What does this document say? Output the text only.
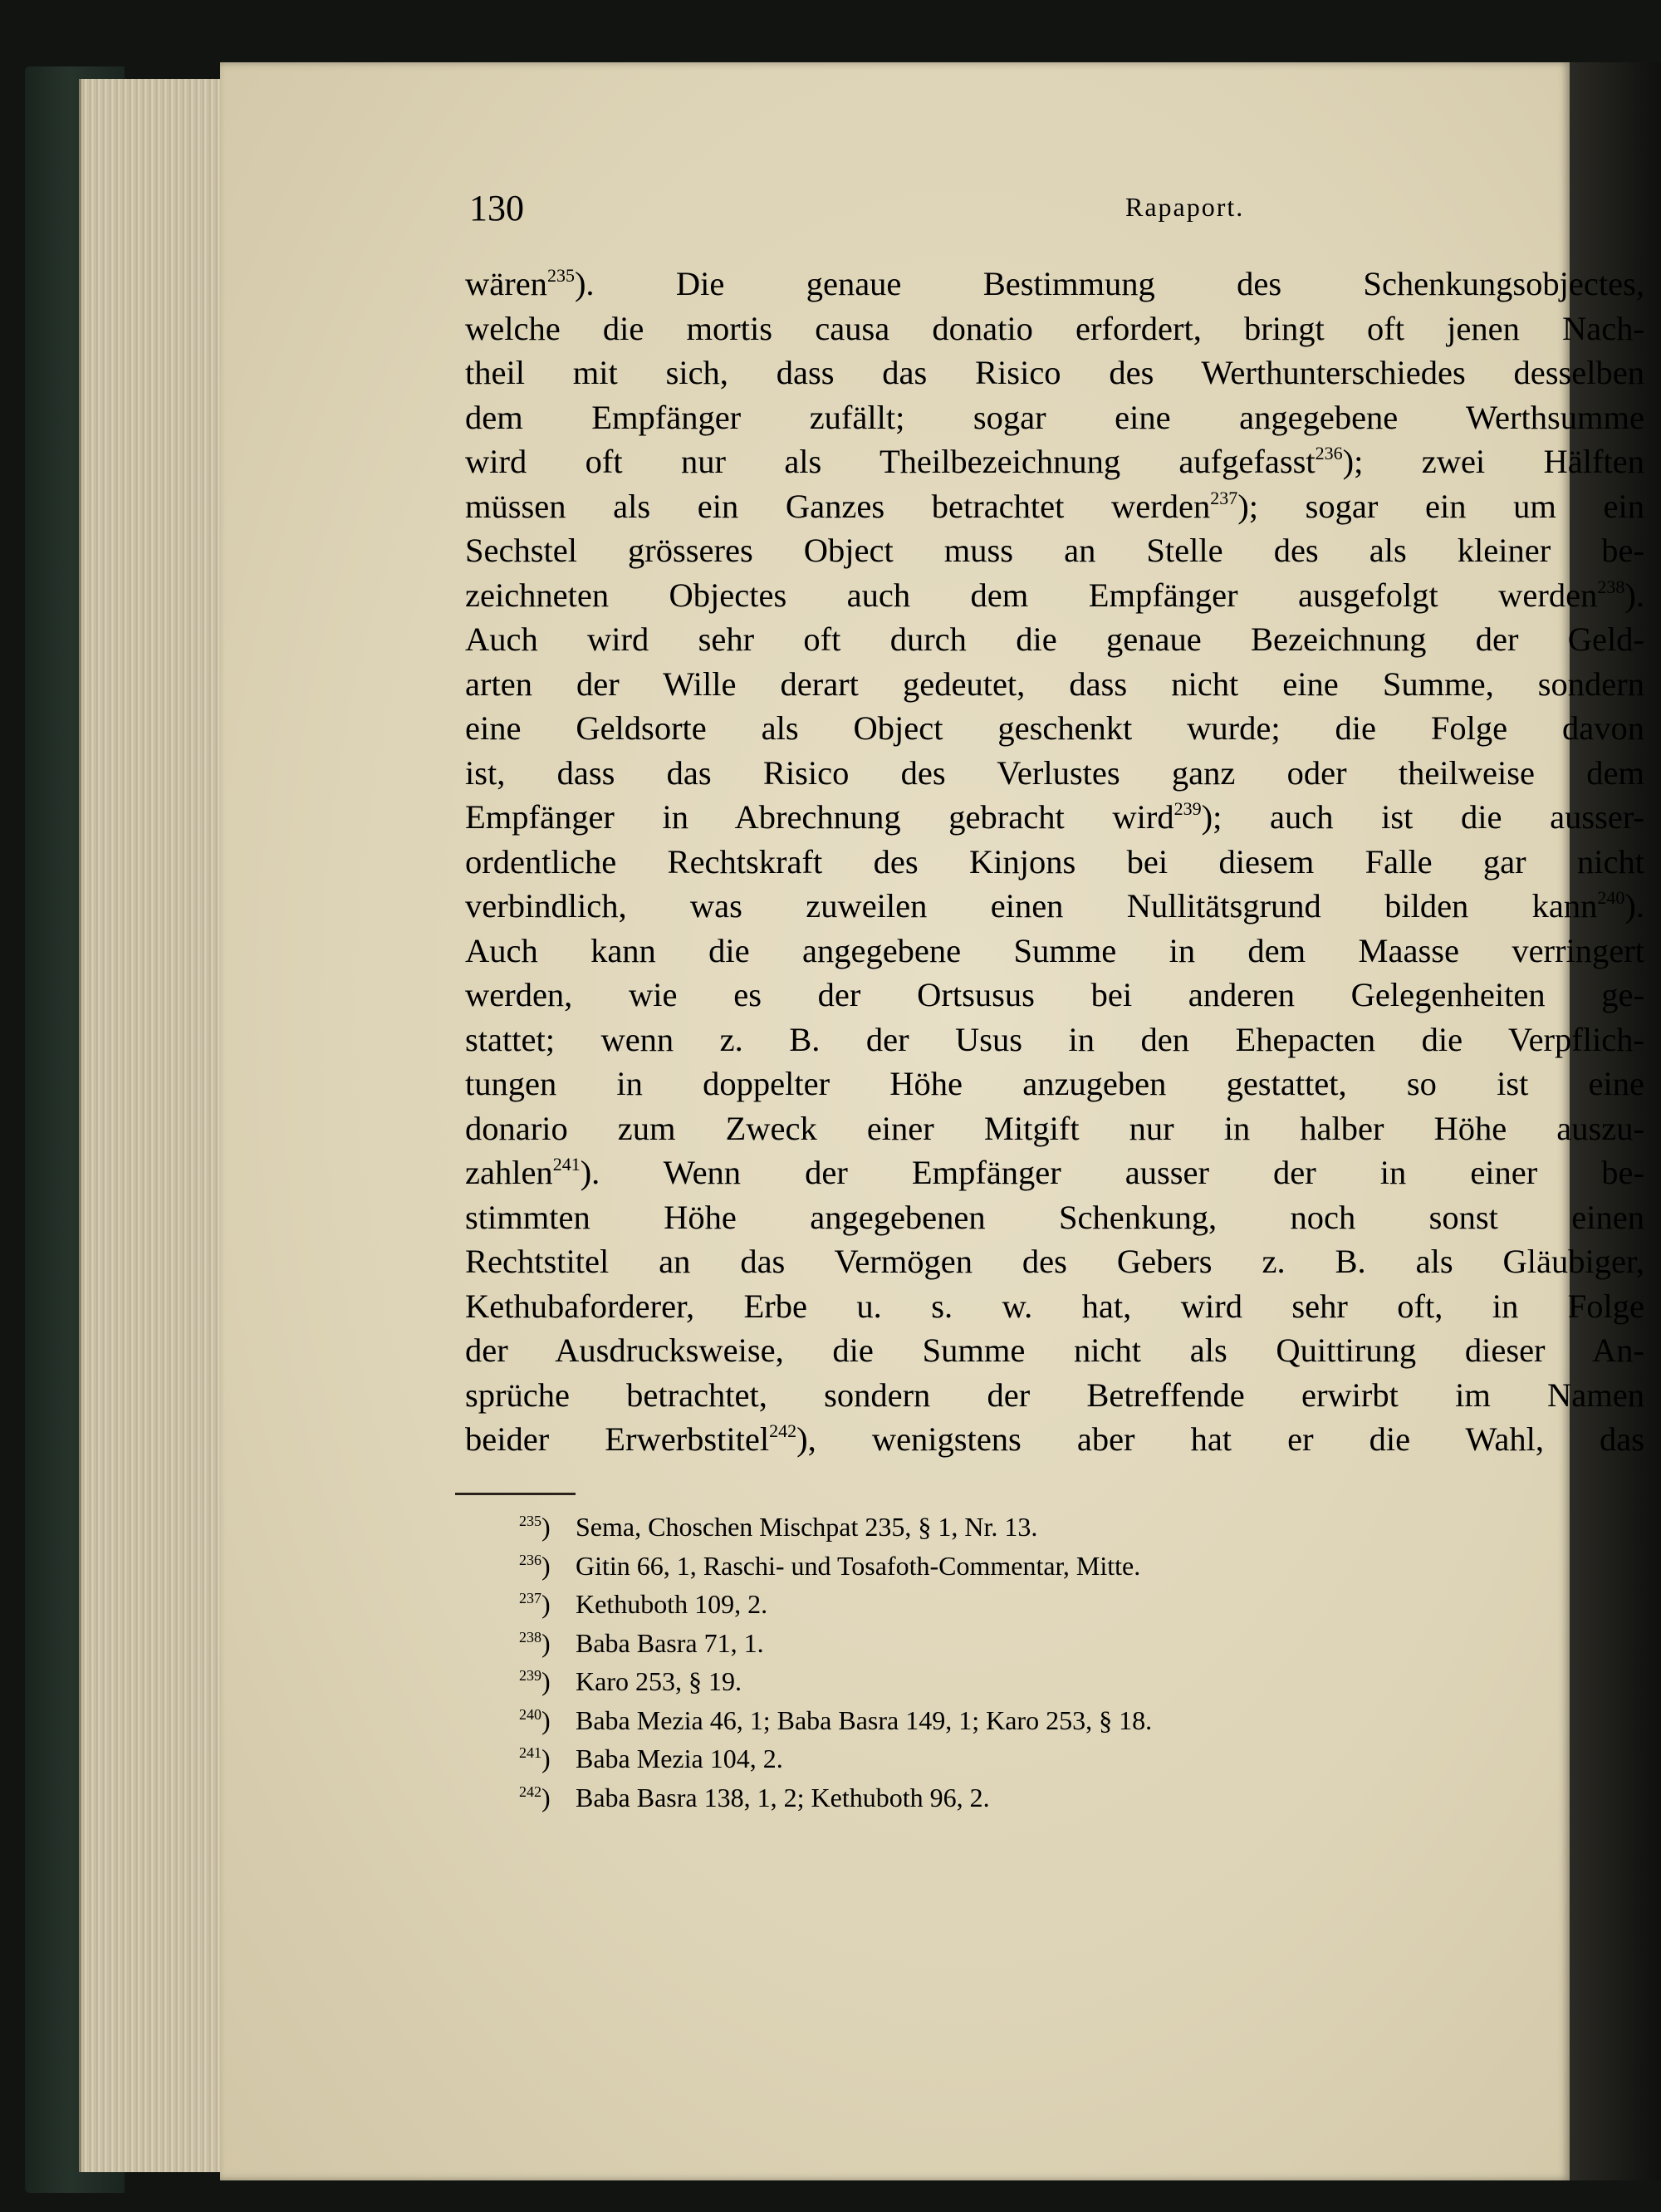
130	Rapaport.
wären$^{235}$). Die genaue Bestimmung des Schenkungsobjectes,
welche die mortis causa donatio erfordert, bringt oft jenen Nach-
theil mit sich, dass das Risico des Werthunterschiedes desselben
dem Empfänger zufällt; sogar eine angegebene Werthsumme
wird oft nur als Theilbezeichnung aufgefasst$^{236}$); zwei Hälften
müssen als ein Ganzes betrachtet werden$^{237}$); sogar ein um ein
Sechstel grösseres Object muss an Stelle des als kleiner be-
zeichneten Objectes auch dem Empfänger ausgefolgt werden$^{238}$).
Auch wird sehr oft durch die genaue Bezeichnung der Geld-
arten der Wille derart gedeutet, dass nicht eine Summe, sondern
eine Geldsorte als Object geschenkt wurde; die Folge davon
ist, dass das Risico des Verlustes ganz oder theilweise dem
Empfänger in Abrechnung gebracht wird$^{239}$); auch ist die ausser-
ordentliche Rechtskraft des Kinjons bei diesem Falle gar nicht
verbindlich, was zuweilen einen Nullitätsgrund bilden kann$^{240}$).
Auch kann die angegebene Summe in dem Maasse verringert
werden, wie es der Ortsusus bei anderen Gelegenheiten ge-
stattet; wenn z. B. der Usus in den Ehepacten die Verpflich-
tungen in doppelter Höhe anzugeben gestattet, so ist eine
donario zum Zweck einer Mitgift nur in halber Höhe auszu-
zahlen$^{241}$). Wenn der Empfänger ausser der in einer be-
stimmten Höhe angegebenen Schenkung, noch sonst einen
Rechtstitel an das Vermögen des Gebers z. B. als Gläubiger,
Kethubaforderer, Erbe u. s. w. hat, wird sehr oft, in Folge
der Ausdrucksweise, die Summe nicht als Quittirung dieser An-
sprüche betrachtet, sondern der Betreffende erwirbt im Namen
beider Erwerbstitel$^{242}$), wenigstens aber hat er die Wahl, das
$^{235}$) Sema, Choschen Mischpat 235, § 1, Nr. 13.
$^{236}$) Gitin 66, 1, Raschi- und Tosafoth-Commentar, Mitte.
$^{237}$) Kethuboth 109, 2.
$^{238}$) Baba Basra 71, 1.
$^{239}$) Karo 253, § 19.
$^{240}$) Baba Mezia 46, 1; Baba Basra 149, 1; Karo 253, § 18.
$^{241}$) Baba Mezia 104, 2.
$^{242}$) Baba Basra 138, 1, 2; Kethuboth 96, 2.
